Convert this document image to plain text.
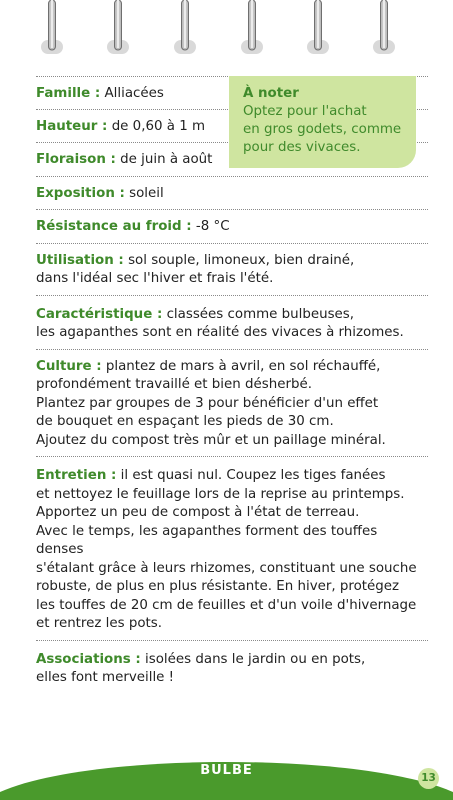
Famille : Alliacées

Hauteur : de 0,60 à 1 m

Floraison : de juin à août

Exposition : soleil

Résistance au froid : -8 °C

Utilisation : sol souple, limoneux, bien drainé,

dans l'idéal sec l'hiver et frais l'été.

Caractéristique : classées comme bulbeuses,

les agapanthes sont en réalité des vivaces à rhizomes.

Culture : plantez de mars à avril, en sol réchauffé,

profondément travaillé et bien désherbé.

Plantez par groupes de 3 pour bénéficier d'un effet

de bouquet en espaçant les pieds de 30 cm.

Ajoutez du compost très mûr et un paillage minéral.

Entretien : il est quasi nul. Coupez les tiges fanées

et nettoyez le feuillage lors de la reprise au printemps.

Apportez un peu de compost à l'état de terreau.

Avec le temps, les agapanthes forment des touffes denses

s'étalant grâce à leurs rhizomes, constituant une souche

robuste, de plus en plus résistante. En hiver, protégez

les touffes de 20 cm de feuilles et d'un voile d'hivernage

et rentrez les pots.

Associations : isolées dans le jardin ou en pots,

elles font merveille !

À noter
Optez pour l'achat
en gros godets, comme
pour des vivaces.
BULBE	13
